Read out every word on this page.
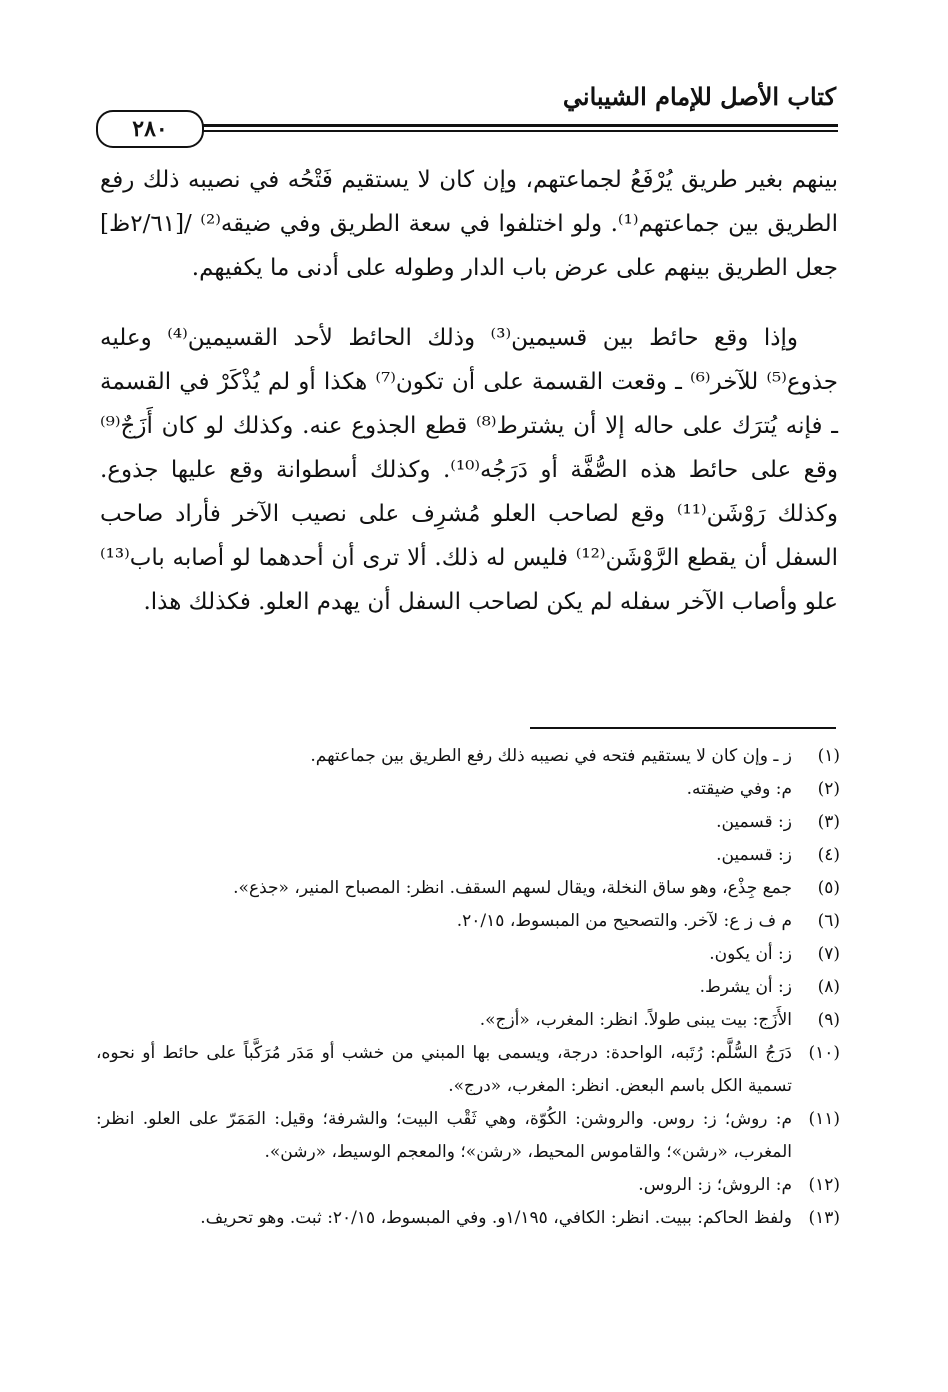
كتاب الأصل للإمام الشيباني
٢٨٠

بينهم بغير طريق يُرْفَعُ لجماعتهم، وإن كان لا يستقيم فَتْحُه في نصيبه ذلك رفع الطريق بين جماعتهم⁽¹⁾. ولو اختلفوا في سعة الطريق وفي ضيقه⁽²⁾ /[٢/٦١ظ] جعل الطريق بينهم على عرض باب الدار وطوله على أدنى ما يكفيهم.

وإذا وقع حائط بين قسيمين⁽³⁾ وذلك الحائط لأحد القسيمين⁽⁴⁾ وعليه جذوع⁽⁵⁾ للآخر⁽⁶⁾ ـ وقعت القسمة على أن تكون⁽⁷⁾ هكذا أو لم يُذْكَرْ في القسمة ـ فإنه يُترَك على حاله إلا أن يشترط⁽⁸⁾ قطع الجذوع عنه. وكذلك لو كان أَزَجٌ⁽⁹⁾ وقع على حائط هذه الصُّفَّة أو دَرَجُه⁽¹⁰⁾. وكذلك أسطوانة وقع عليها جذوع. وكذلك رَوْشَن⁽¹¹⁾ وقع لصاحب العلو مُشرِف على نصيب الآخر فأراد صاحب السفل أن يقطع الرَّوْشَن⁽¹²⁾ فليس له ذلك. ألا ترى أن أحدهما لو أصابه باب⁽¹³⁾ علو وأصاب الآخر سفله لم يكن لصاحب السفل أن يهدم العلو. فكذلك هذا.

(١)
ز ـ وإن كان لا يستقيم فتحه في نصيبه ذلك رفع الطريق بين جماعتهم.
(٢)
م: وفي ضيقته.
(٣)
ز: قسمين.
(٤)
ز: قسمين.
(٥)
جمع جِذْع، وهو ساق النخلة، ويقال لسهم السقف. انظر: المصباح المنير، «جذع».
(٦)
م ف ز ع: لآخر. والتصحيح من المبسوط، ٢٠/١٥.
(٧)
ز: أن يكون.
(٨)
ز: أن يشرط.
(٩)
الأَزَج: بيت يبنى طولاً. انظر: المغرب، «أزج».
(١٠)
دَرَجُ السُّلَّم: رُتَبه، الواحدة: درجة، ويسمى بها المبني من خشب أو مَدَر مُرَكَّباً على حائط أو نحوه، تسمية الكل باسم البعض. انظر: المغرب، «درج».
(١١)
م: روش؛ ز: روس. والروشن: الكُوّة، وهي ثَقْب البيت؛ والشرفة؛ وقيل: المَمَرّ على العلو. انظر: المغرب، «رشن»؛ والقاموس المحيط، «رشن»؛ والمعجم الوسيط، «رشن».
(١٢)
م: الروش؛ ز: الروس.
(١٣)
ولفظ الحاكم: ببيت. انظر: الكافي، ١/١٩٥و. وفي المبسوط، ٢٠/١٥: ثبت. وهو تحريف.
